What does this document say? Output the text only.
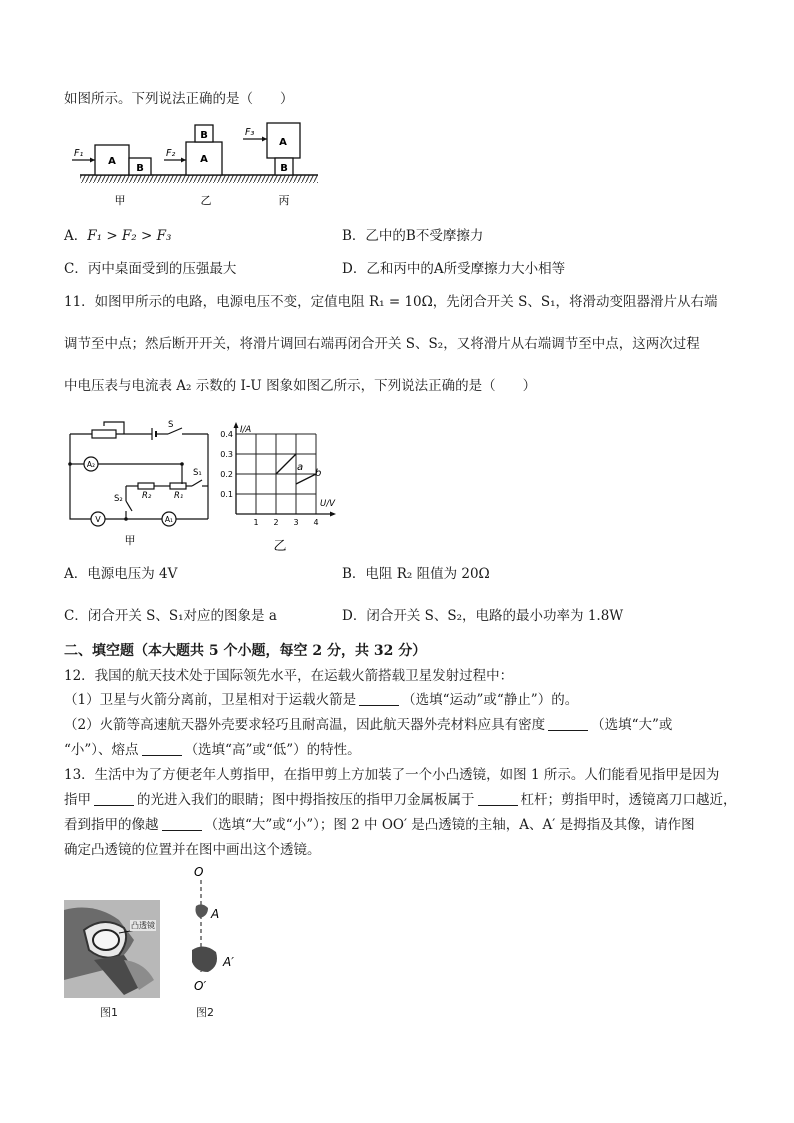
如图所示。下列说法正确的是（　　）
A
B
A
B
A
B
F₁	F₂
F₃
甲	乙	丙
A．F₁ > F₂ > F₃	B．乙中的B不受摩擦力
C．丙中桌面受到的压强最大	D．乙和丙中的A所受摩擦力大小相等
11．如图甲所示的电路，电源电压不变，定值电阻 R₁ = 10Ω，先闭合开关 S、S₁，将滑动变阻器滑片从右端
调节至中点；然后断开开关，将滑片调回右端再闭合开关 S、S₂，又将滑片从右端调节至中点，这两次过程
中电压表与电流表 A₂ 示数的 I-U 图象如图乙所示，下列说法正确的是（　　）
S
S₁
S₂ R₂	R₁
A₂
V	A₁
甲
I/A
U/V
0.4
0.3
0.2
0.1
1 2 3 4
a
b
乙
A．电源电压为 4V	B．电阻 R₂ 阻值为 20Ω
C．闭合开关 S、S₁对应的图象是 a	D．闭合开关 S、S₂，电路的最小功率为 1.8W
二、填空题（本大题共 5 个小题，每空 2 分，共 32 分）
12．我国的航天技术处于国际领先水平，在运载火箭搭载卫星发射过程中：
（1）卫星与火箭分离前，卫星相对于运载火箭是	（选填“运动”或“静止”）的。
（2）火箭等高速航天器外壳要求轻巧且耐高温，因此航天器外壳材料应具有密度	（选填“大”或
“小”）、熔点	（选填“高”或“低”）的特性。
13．生活中为了方便老年人剪指甲，在指甲剪上方加装了一个小凸透镜，如图 1 所示。人们能看见指甲是因为
指甲	的光进入我们的眼睛；图中拇指按压的指甲刀金属板属于	杠杆；剪指甲时，透镜离刀口越近，
看到指甲的像越	（选填“大”或“小”）；图 2 中 OO′ 是凸透镜的主轴，A、A′ 是拇指及其像，请作图
确定凸透镜的位置并在图中画出这个透镜。
凸透镜
图1
O
A
A′
O′
图2
